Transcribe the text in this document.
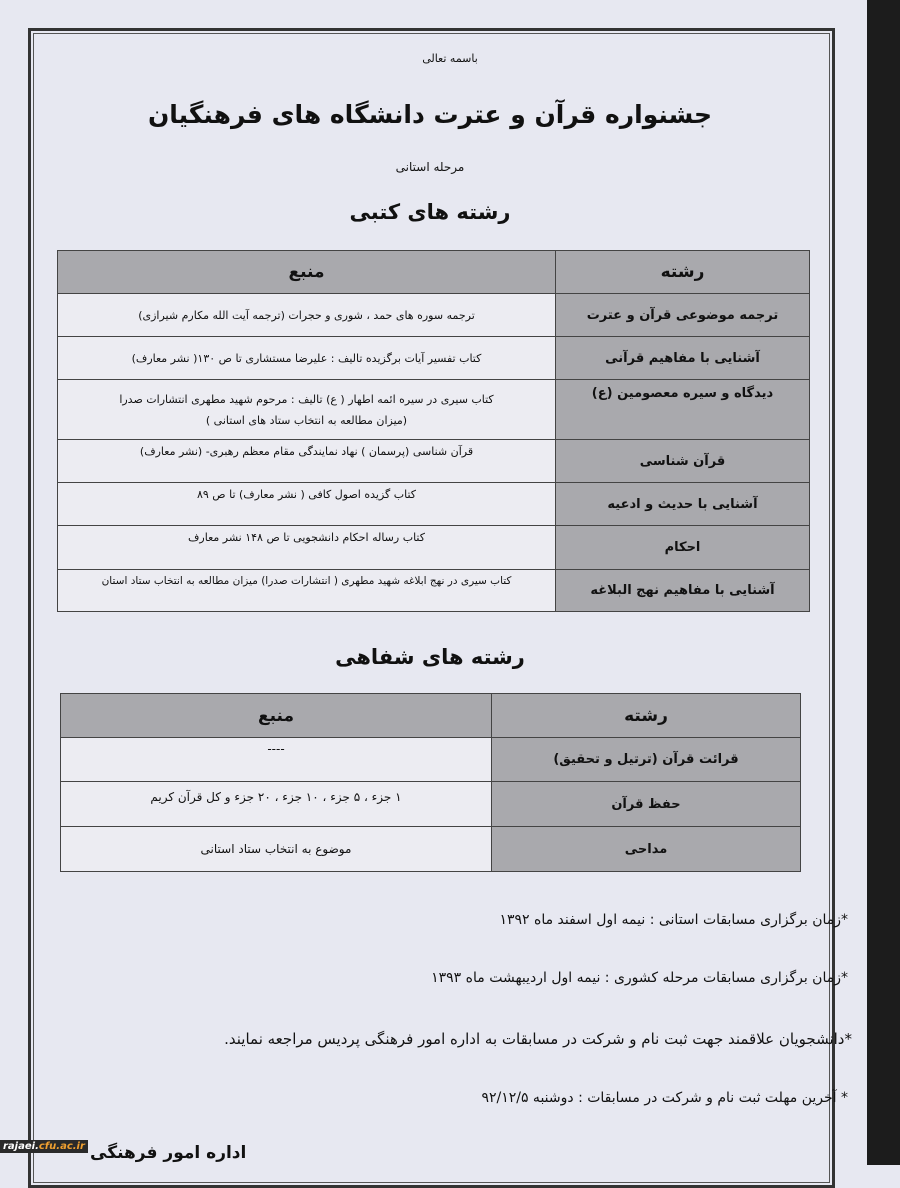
باسمه تعالی
جشنواره قرآن و عترت دانشگاه های فرهنگیان
مرحله استانی
رشته های کتبی
رشته	منبع
ترجمه موضوعی قرآن و عترت	ترجمه سوره های حمد ، شوری و حجرات (ترجمه آیت الله مکارم شیرازی)
آشنایی با مفاهیم قرآنی	کتاب تفسیر آیات برگزیده تالیف : علیرضا مستشاری تا ص ۱۳۰( نشر معارف)
دیدگاه و سیره معصومین (ع)	کتاب سیری در سیره ائمه اطهار ( ع) تالیف : مرحوم شهید مطهری انتشارات صدرا
(میزان مطالعه به انتخاب ستاد های استانی )

قرآن شناسی	قرآن شناسی (پرسمان ) نهاد نمایندگی مقام معظم رهبری- (نشر معارف)
آشنایی با حدیث و ادعیه	کتاب گزیده اصول کافی ( نشر معارف) تا ص ۸۹
احکام	کتاب رساله احکام دانشجویی تا ص ۱۴۸ نشر معارف
آشنایی با مفاهیم نهج البلاغه	کتاب سیری در نهج ابلاغه شهید مطهری ( انتشارات صدرا) میزان مطالعه به انتخاب ستاد استان
رشته های شفاهی
رشته	منبع
قرائت قرآن (ترتیل و تحقیق)	----
حفظ قرآن	۱ جزء ، ۵ جزء ، ۱۰ جزء ، ۲۰ جزء و کل قرآن کریم
مداحی	موضوع به انتخاب ستاد استانی
*زمان برگزاری مسابقات استانی : نیمه اول اسفند ماه ۱۳۹۲
*زمان برگزاری مسابقات مرحله کشوری : نیمه اول اردیبهشت ماه ۱۳۹۳
*دانشجویان علاقمند جهت ثبت نام و شرکت در مسابقات به اداره امور فرهنگی پردیس مراجعه نمایند.
* آخرین مهلت ثبت نام و شرکت در مسابقات : دوشنبه ۹۲/۱۲/۵
اداره امور فرهنگی
rajaei.cfu.ac.ir
